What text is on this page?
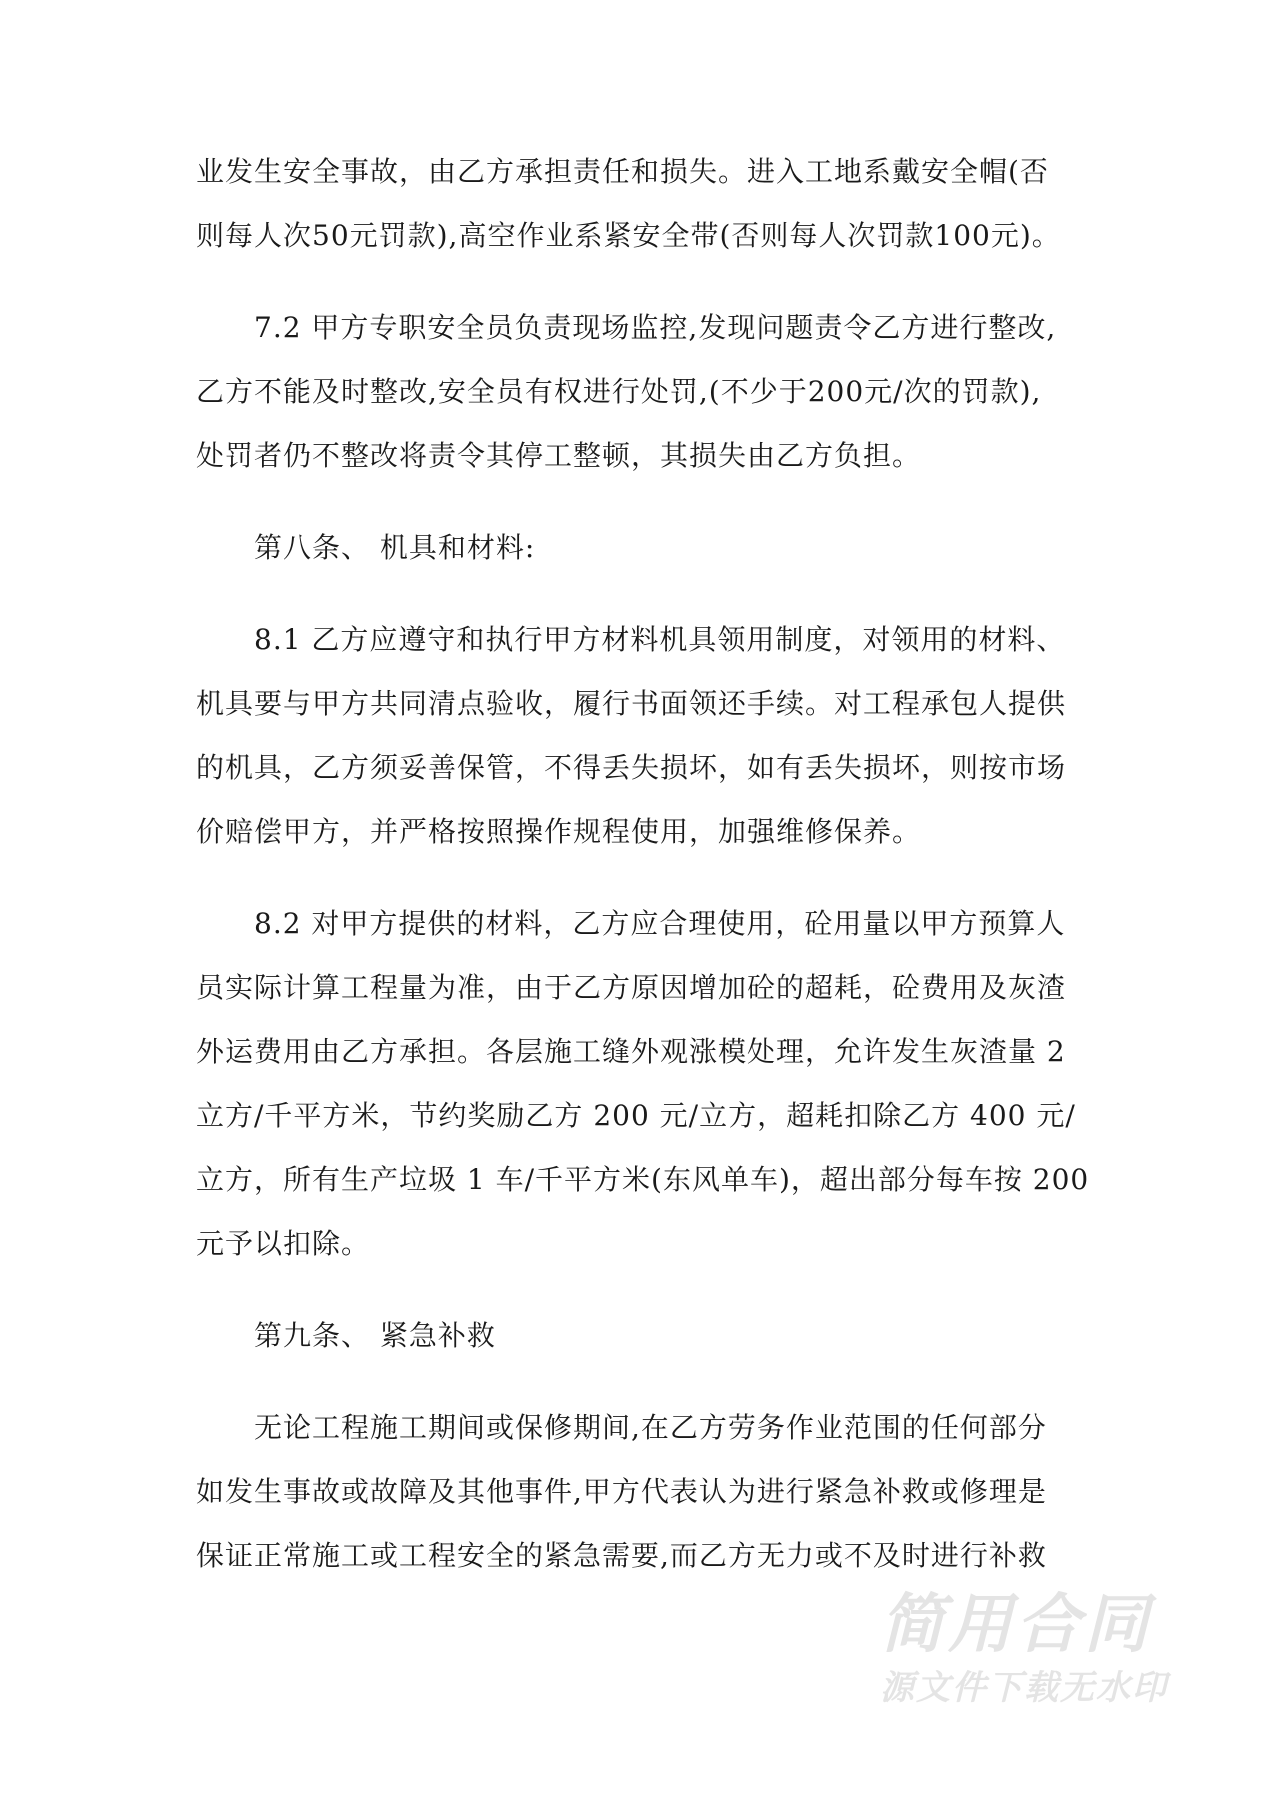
业发生安全事故，由乙方承担责任和损失。进入工地系戴安全帽(否
则每人次50元罚款),高空作业系紧安全带(否则每人次罚款100元)。

7.2 甲方专职安全员负责现场监控,发现问题责令乙方进行整改,
乙方不能及时整改,安全员有权进行处罚,(不少于200元/次的罚款),
处罚者仍不整改将责令其停工整顿，其损失由乙方负担。

第八条、 机具和材料:

8.1 乙方应遵守和执行甲方材料机具领用制度，对领用的材料、
机具要与甲方共同清点验收，履行书面领还手续。对工程承包人提供
的机具，乙方须妥善保管，不得丢失损坏，如有丢失损坏，则按市场
价赔偿甲方，并严格按照操作规程使用，加强维修保养。

8.2 对甲方提供的材料，乙方应合理使用，砼用量以甲方预算人
员实际计算工程量为准，由于乙方原因增加砼的超耗，砼费用及灰渣
外运费用由乙方承担。各层施工缝外观涨模处理，允许发生灰渣量 2
立方/千平方米，节约奖励乙方 200 元/立方，超耗扣除乙方 400 元/
立方，所有生产垃圾 1 车/千平方米(东风单车)，超出部分每车按 200
元予以扣除。

第九条、 紧急补救

无论工程施工期间或保修期间,在乙方劳务作业范围的任何部分
如发生事故或故障及其他事件,甲方代表认为进行紧急补救或修理是
保证正常施工或工程安全的紧急需要,而乙方无力或不及时进行补救

简用合同
源文件下载无水印
